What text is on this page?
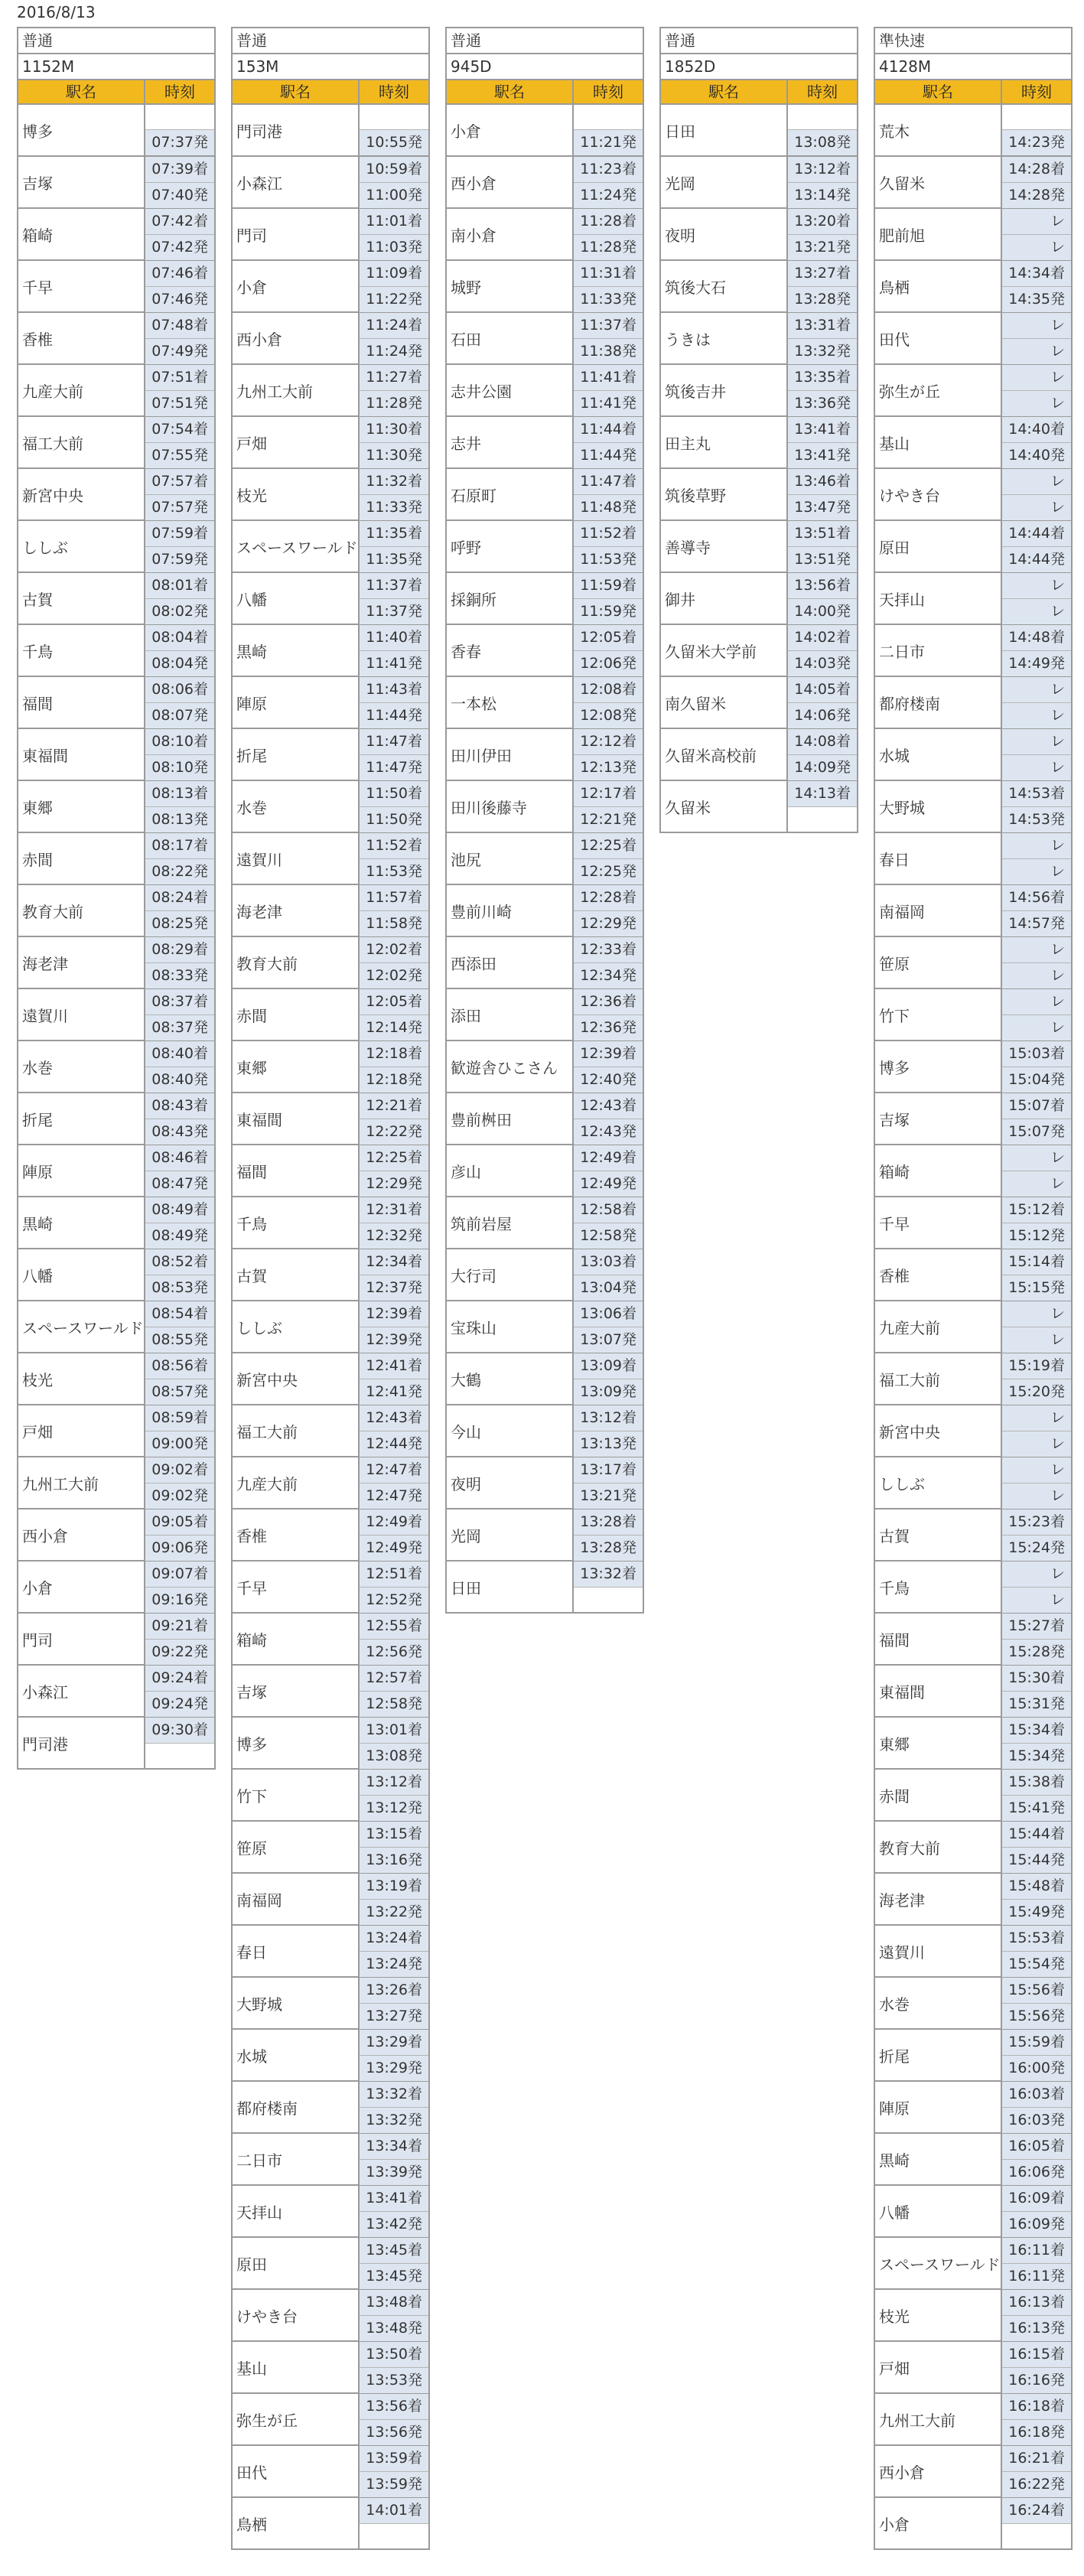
2016/8/13
普通
1152M
駅名	時刻
博多
07:37発
吉塚
07:39着
07:40発
箱崎
07:42着
07:42発
千早
07:46着
07:46発
香椎
07:48着
07:49発
九産大前
07:51着
07:51発
福工大前
07:54着
07:55発
新宮中央
07:57着
07:57発
ししぶ
07:59着
07:59発
古賀
08:01着
08:02発
千鳥
08:04着
08:04発
福間
08:06着
08:07発
東福間
08:10着
08:10発
東郷
08:13着
08:13発
赤間
08:17着
08:22発
教育大前
08:24着
08:25発
海老津
08:29着
08:33発
遠賀川
08:37着
08:37発
水巻
08:40着
08:40発
折尾
08:43着
08:43発
陣原
08:46着
08:47発
黒崎
08:49着
08:49発
八幡
08:52着
08:53発
スペースワールド
08:54着
08:55発
枝光
08:56着
08:57発
戸畑
08:59着
09:00発
九州工大前
09:02着
09:02発
西小倉
09:05着
09:06発
小倉
09:07着
09:16発
門司
09:21着
09:22発
小森江
09:24着
09:24発
門司港
09:30着
普通
153M
駅名	時刻
門司港
10:55発
小森江
10:59着
11:00発
門司
11:01着
11:03発
小倉
11:09着
11:22発
西小倉
11:24着
11:24発
九州工大前
11:27着
11:28発
戸畑
11:30着
11:30発
枝光
11:32着
11:33発
スペースワールド
11:35着
11:35発
八幡
11:37着
11:37発
黒崎
11:40着
11:41発
陣原
11:43着
11:44発
折尾
11:47着
11:47発
水巻
11:50着
11:50発
遠賀川
11:52着
11:53発
海老津
11:57着
11:58発
教育大前
12:02着
12:02発
赤間
12:05着
12:14発
東郷
12:18着
12:18発
東福間
12:21着
12:22発
福間
12:25着
12:29発
千鳥
12:31着
12:32発
古賀
12:34着
12:37発
ししぶ
12:39着
12:39発
新宮中央
12:41着
12:41発
福工大前
12:43着
12:44発
九産大前
12:47着
12:47発
香椎
12:49着
12:49発
千早
12:51着
12:52発
箱崎
12:55着
12:56発
吉塚
12:57着
12:58発
博多
13:01着
13:08発
竹下
13:12着
13:12発
笹原
13:15着
13:16発
南福岡
13:19着
13:22発
春日
13:24着
13:24発
大野城
13:26着
13:27発
水城
13:29着
13:29発
都府楼南
13:32着
13:32発
二日市
13:34着
13:39発
天拝山
13:41着
13:42発
原田
13:45着
13:45発
けやき台
13:48着
13:48発
基山
13:50着
13:53発
弥生が丘
13:56着
13:56発
田代
13:59着
13:59発
鳥栖
14:01着
普通
945D
駅名	時刻
小倉
11:21発
西小倉
11:23着
11:24発
南小倉
11:28着
11:28発
城野
11:31着
11:33発
石田
11:37着
11:38発
志井公園
11:41着
11:41発
志井
11:44着
11:44発
石原町
11:47着
11:48発
呼野
11:52着
11:53発
採銅所
11:59着
11:59発
香春
12:05着
12:06発
一本松
12:08着
12:08発
田川伊田
12:12着
12:13発
田川後藤寺
12:17着
12:21発
池尻
12:25着
12:25発
豊前川崎
12:28着
12:29発
西添田
12:33着
12:34発
添田
12:36着
12:36発
歓遊舎ひこさん
12:39着
12:40発
豊前桝田
12:43着
12:43発
彦山
12:49着
12:49発
筑前岩屋
12:58着
12:58発
大行司
13:03着
13:04発
宝珠山
13:06着
13:07発
大鶴
13:09着
13:09発
今山
13:12着
13:13発
夜明
13:17着
13:21発
光岡
13:28着
13:28発
日田
13:32着
普通
1852D
駅名	時刻
日田
13:08発
光岡
13:12着
13:14発
夜明
13:20着
13:21発
筑後大石
13:27着
13:28発
うきは
13:31着
13:32発
筑後吉井
13:35着
13:36発
田主丸
13:41着
13:41発
筑後草野
13:46着
13:47発
善導寺
13:51着
13:51発
御井
13:56着
14:00発
久留米大学前
14:02着
14:03発
南久留米
14:05着
14:06発
久留米高校前
14:08着
14:09発
久留米
14:13着
準快速
4128M
駅名	時刻
荒木
14:23発
久留米
14:28着
14:28発
肥前旭
レ
レ
鳥栖
14:34着
14:35発
田代
レ
レ
弥生が丘
レ
レ
基山
14:40着
14:40発
けやき台
レ
レ
原田
14:44着
14:44発
天拝山
レ
レ
二日市
14:48着
14:49発
都府楼南
レ
レ
水城
レ
レ
大野城
14:53着
14:53発
春日
レ
レ
南福岡
14:56着
14:57発
笹原
レ
レ
竹下
レ
レ
博多
15:03着
15:04発
吉塚
15:07着
15:07発
箱崎
レ
レ
千早
15:12着
15:12発
香椎
15:14着
15:15発
九産大前
レ
レ
福工大前
15:19着
15:20発
新宮中央
レ
レ
ししぶ
レ
レ
古賀
15:23着
15:24発
千鳥
レ
レ
福間
15:27着
15:28発
東福間
15:30着
15:31発
東郷
15:34着
15:34発
赤間
15:38着
15:41発
教育大前
15:44着
15:44発
海老津
15:48着
15:49発
遠賀川
15:53着
15:54発
水巻
15:56着
15:56発
折尾
15:59着
16:00発
陣原
16:03着
16:03発
黒崎
16:05着
16:06発
八幡
16:09着
16:09発
スペースワールド
16:11着
16:11発
枝光
16:13着
16:13発
戸畑
16:15着
16:16発
九州工大前
16:18着
16:18発
西小倉
16:21着
16:22発
小倉
16:24着
